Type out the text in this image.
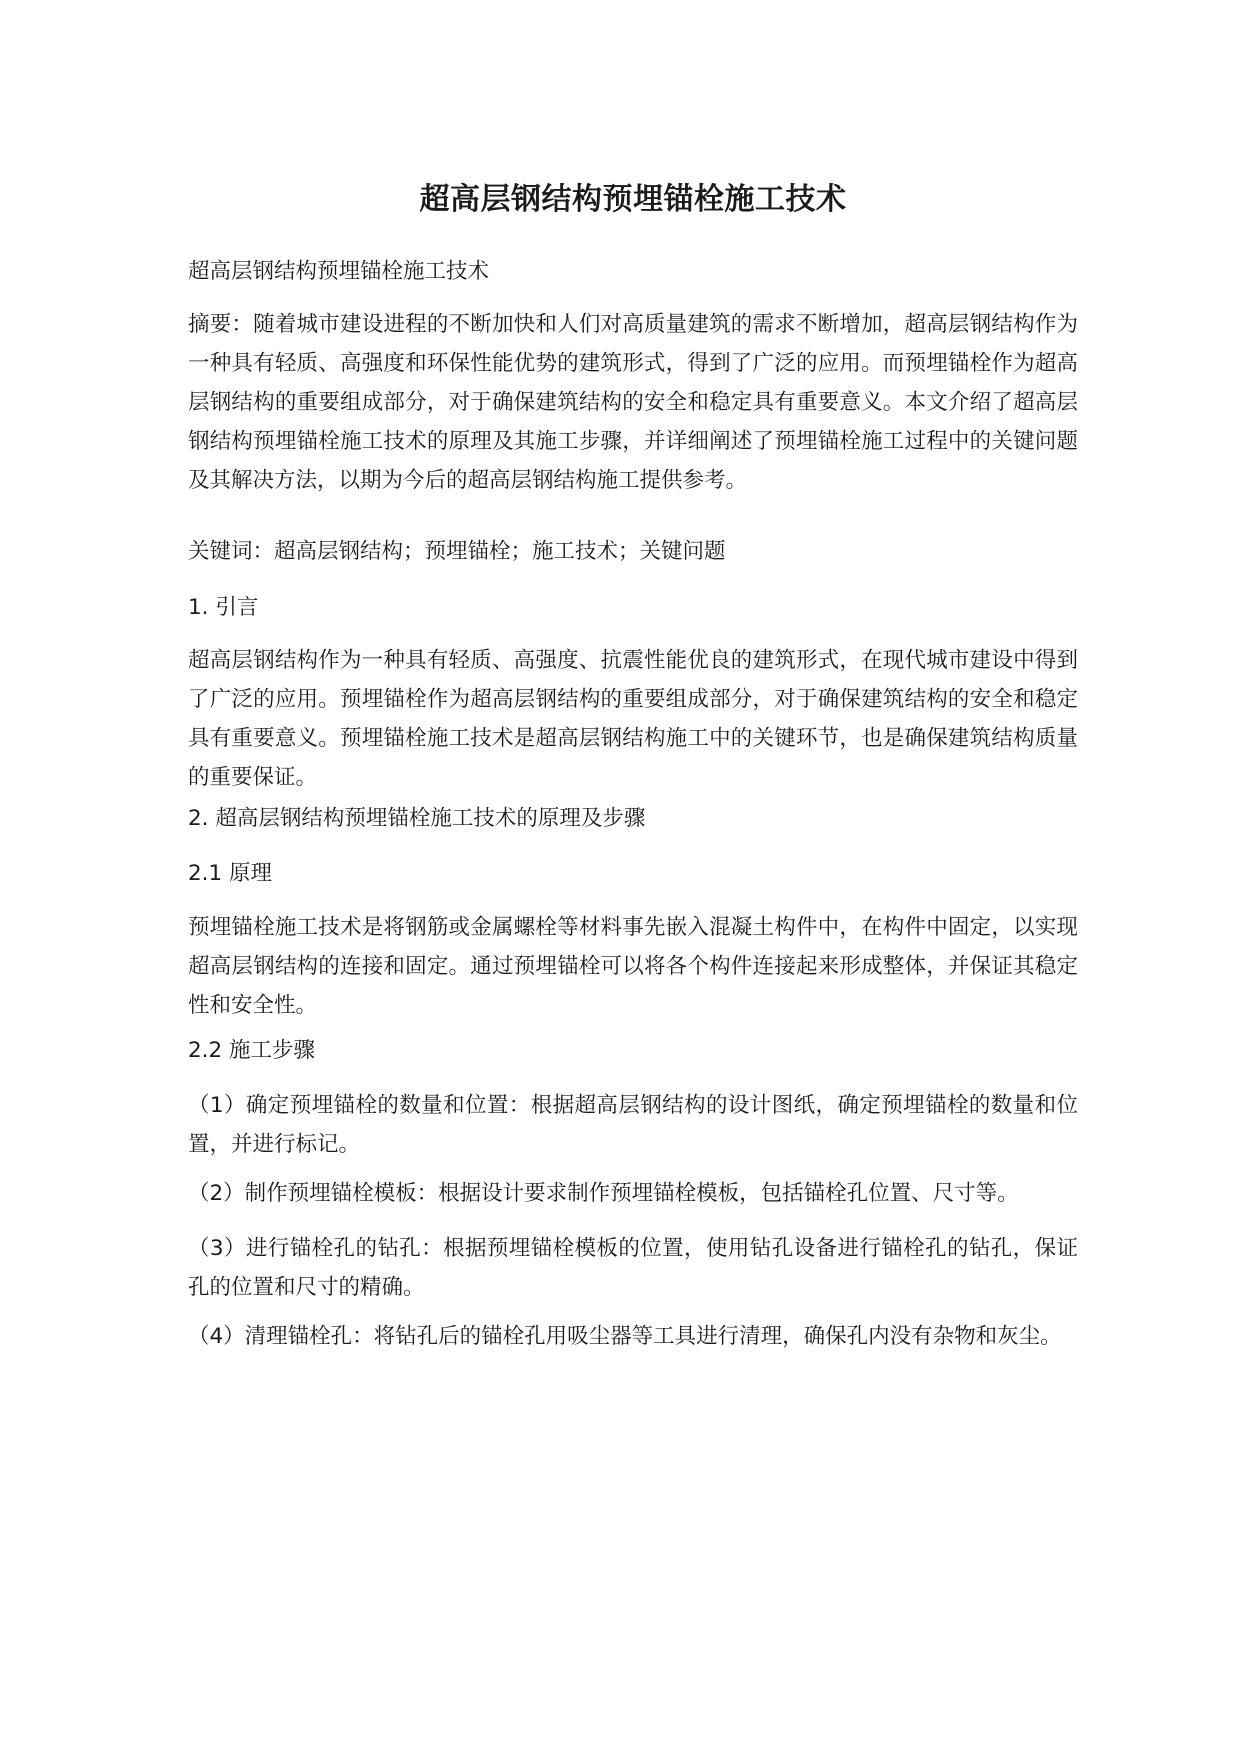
超高层钢结构预埋锚栓施工技术
超高层钢结构预埋锚栓施工技术
摘要：随着城市建设进程的不断加快和人们对高质量建筑的需求不断增加，超高层钢结构作为一种具有轻质、高强度和环保性能优势的建筑形式，得到了广泛的应用。而预埋锚栓作为超高层钢结构的重要组成部分，对于确保建筑结构的安全和稳定具有重要意义。本文介绍了超高层钢结构预埋锚栓施工技术的原理及其施工步骤，并详细阐述了预埋锚栓施工过程中的关键问题及其解决方法，以期为今后的超高层钢结构施工提供参考。
关键词：超高层钢结构；预埋锚栓；施工技术；关键问题
1. 引言
超高层钢结构作为一种具有轻质、高强度、抗震性能优良的建筑形式，在现代城市建设中得到了广泛的应用。预埋锚栓作为超高层钢结构的重要组成部分，对于确保建筑结构的安全和稳定具有重要意义。预埋锚栓施工技术是超高层钢结构施工中的关键环节，也是确保建筑结构质量的重要保证。
2. 超高层钢结构预埋锚栓施工技术的原理及步骤
2.1 原理
预埋锚栓施工技术是将钢筋或金属螺栓等材料事先嵌入混凝土构件中，在构件中固定，以实现超高层钢结构的连接和固定。通过预埋锚栓可以将各个构件连接起来形成整体，并保证其稳定性和安全性。
2.2 施工步骤
（1）确定预埋锚栓的数量和位置：根据超高层钢结构的设计图纸，确定预埋锚栓的数量和位置，并进行标记。
（2）制作预埋锚栓模板：根据设计要求制作预埋锚栓模板，包括锚栓孔位置、尺寸等。
（3）进行锚栓孔的钻孔：根据预埋锚栓模板的位置，使用钻孔设备进行锚栓孔的钻孔，保证孔的位置和尺寸的精确。
（4）清理锚栓孔：将钻孔后的锚栓孔用吸尘器等工具进行清理，确保孔内没有杂物和灰尘。
